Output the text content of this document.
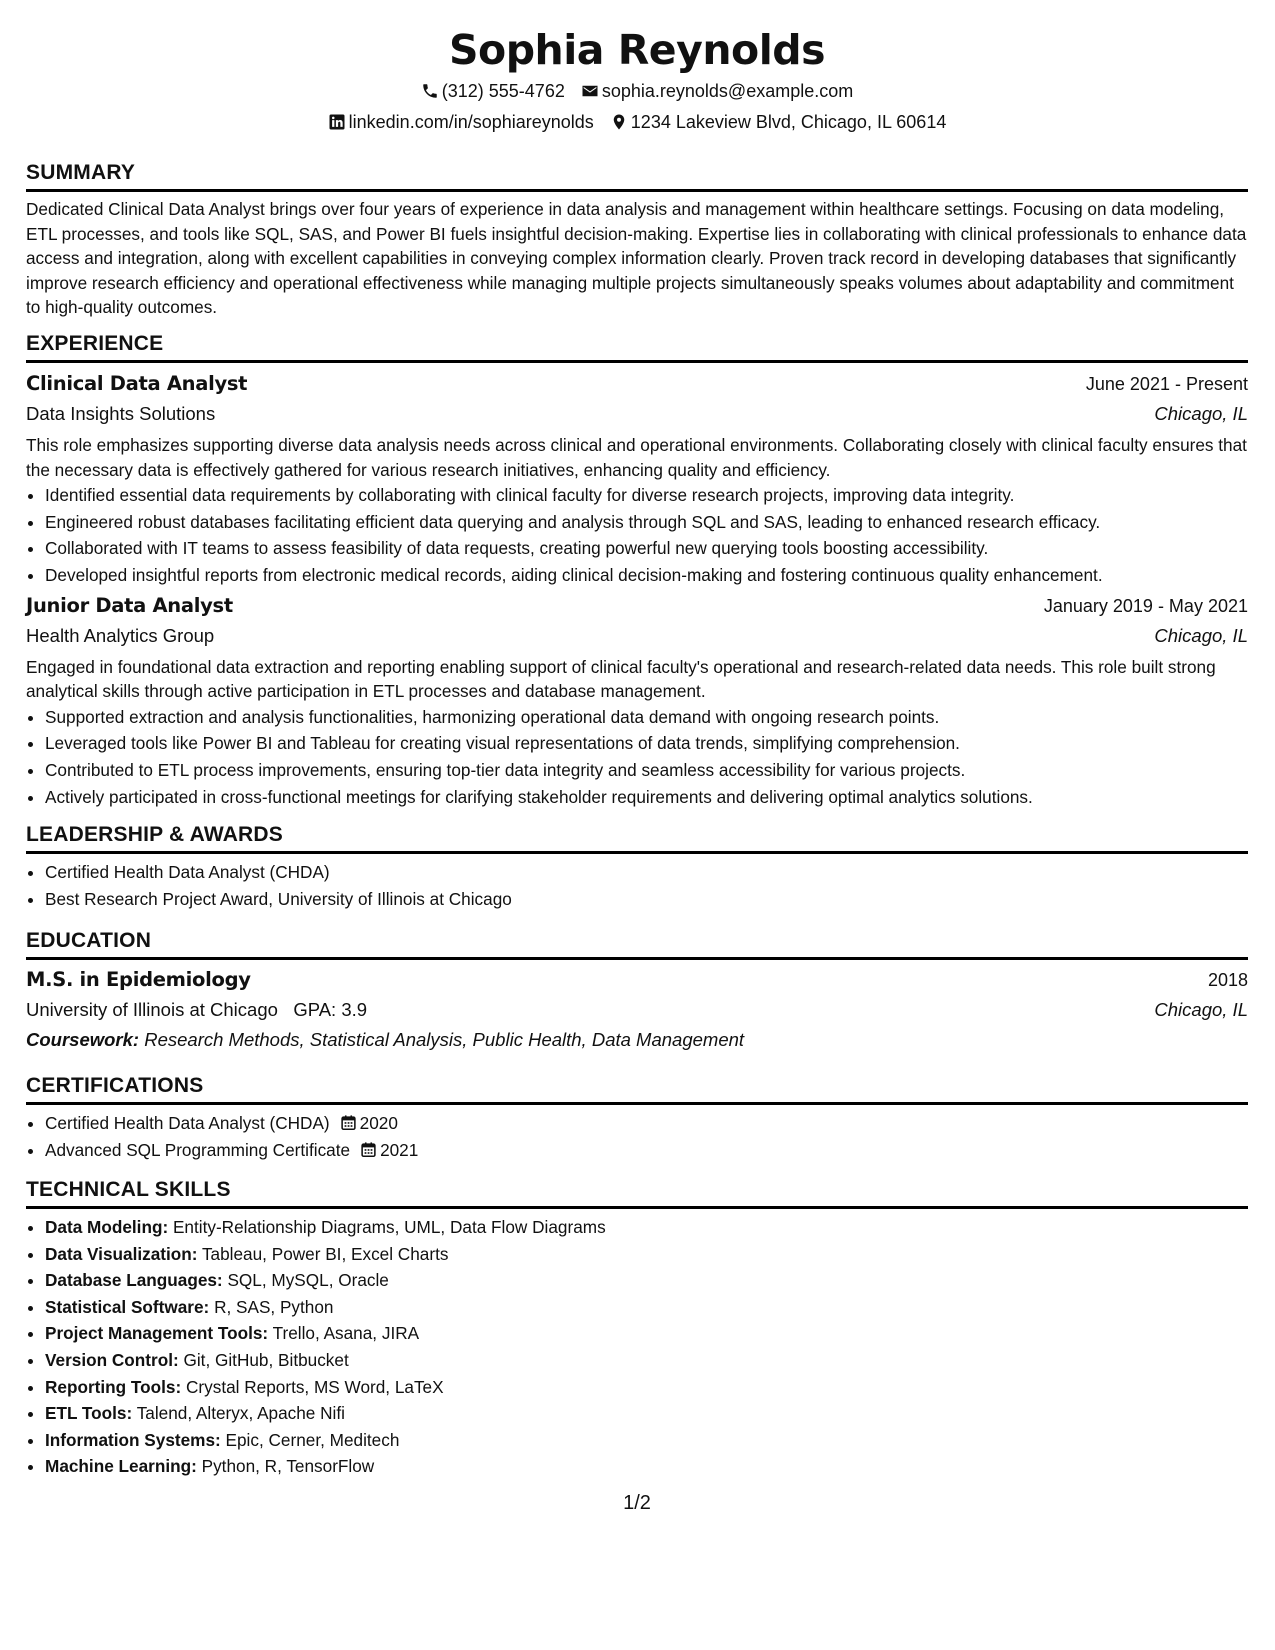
Sophia Reynolds
(312) 555-4762 sophia.reynolds@example.com
linkedin.com/in/sophiareynolds 1234 Lakeview Blvd, Chicago, IL 60614
SUMMARY

Dedicated Clinical Data Analyst brings over four years of experience in data analysis and management within healthcare settings. Focusing on data modeling, ETL processes, and tools like SQL, SAS, and Power BI fuels insightful decision-making. Expertise lies in collaborating with clinical professionals to enhance data access and integration, along with excellent capabilities in conveying complex information clearly. Proven track record in developing databases that significantly improve research efficiency and operational effectiveness while managing multiple projects simultaneously speaks volumes about adaptability and commitment to high-quality outcomes.

EXPERIENCE
Clinical Data Analyst	June 2021 - Present
Data Insights Solutions	Chicago, IL

This role emphasizes supporting diverse data analysis needs across clinical and operational environments. Collaborating closely with clinical faculty ensures that the necessary data is effectively gathered for various research initiatives, enhancing quality and efficiency.

• Identified essential data requirements by collaborating with clinical faculty for diverse research projects, improving data integrity.
• Engineered robust databases facilitating efficient data querying and analysis through SQL and SAS, leading to enhanced research efficacy.
• Collaborated with IT teams to assess feasibility of data requests, creating powerful new querying tools boosting accessibility.
• Developed insightful reports from electronic medical records, aiding clinical decision-making and fostering continuous quality enhancement.
Junior Data Analyst	January 2019 - May 2021
Health Analytics Group	Chicago, IL

Engaged in foundational data extraction and reporting enabling support of clinical faculty's operational and research-related data needs. This role built strong analytical skills through active participation in ETL processes and database management.

• Supported extraction and analysis functionalities, harmonizing operational data demand with ongoing research points.
• Leveraged tools like Power BI and Tableau for creating visual representations of data trends, simplifying comprehension.
• Contributed to ETL process improvements, ensuring top-tier data integrity and seamless accessibility for various projects.
• Actively participated in cross-functional meetings for clarifying stakeholder requirements and delivering optimal analytics solutions.
LEADERSHIP & AWARDS
• Certified Health Data Analyst (CHDA)
• Best Research Project Award, University of Illinois at Chicago
EDUCATION
M.S. in Epidemiology	2018
University of Illinois at Chicago GPA: 3.9	Chicago, IL
Coursework: Research Methods, Statistical Analysis, Public Health, Data Management
CERTIFICATIONS
• Certified Health Data Analyst (CHDA) 2020
• Advanced SQL Programming Certificate 2021
TECHNICAL SKILLS
• Data Modeling: Entity-Relationship Diagrams, UML, Data Flow Diagrams
• Data Visualization: Tableau, Power BI, Excel Charts
• Database Languages: SQL, MySQL, Oracle
• Statistical Software: R, SAS, Python
• Project Management Tools: Trello, Asana, JIRA
• Version Control: Git, GitHub, Bitbucket
• Reporting Tools: Crystal Reports, MS Word, LaTeX
• ETL Tools: Talend, Alteryx, Apache Nifi
• Information Systems: Epic, Cerner, Meditech
• Machine Learning: Python, R, TensorFlow
1/2
